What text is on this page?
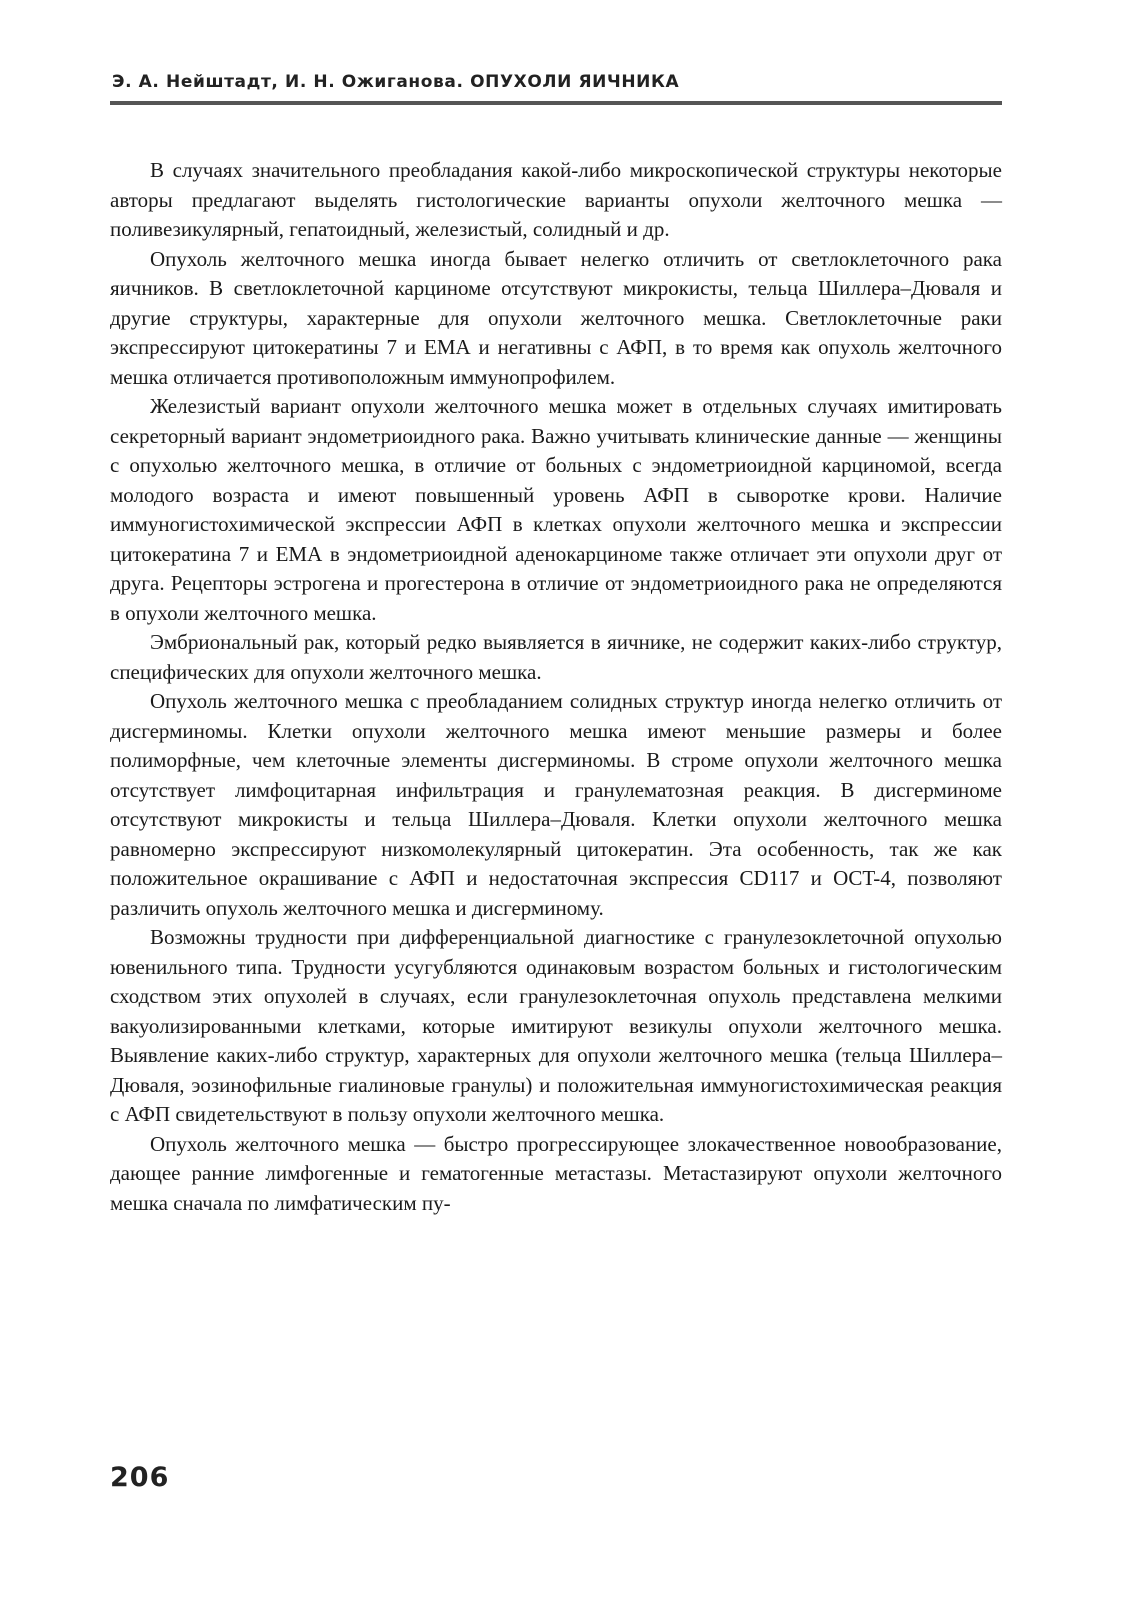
Э. А. Нейштадт, И. Н. Ожиганова. ОПУХОЛИ ЯИЧНИКА

В случаях значительного преобладания какой-либо микроскопической структуры некоторые авторы предлагают выделять гистологические варианты опухоли желточного мешка — поливезикулярный, гепатоидный, железистый, солидный и др.

Опухоль желточного мешка иногда бывает нелегко отличить от светлоклеточного рака яичников. В светлоклеточной карциноме отсутствуют микрокисты, тельца Шиллера–Дюваля и другие структуры, характерные для опухоли желточного мешка. Светлоклеточные раки экспрессируют цитокератины 7 и ЕМА и негативны с АФП, в то время как опухоль желточного мешка отличается противоположным иммунопрофилем.

Железистый вариант опухоли желточного мешка может в отдельных случаях имитировать секреторный вариант эндометриоидного рака. Важно учитывать клинические данные — женщины с опухолью желточного мешка, в отличие от больных с эндометриоидной карциномой, всегда молодого возраста и имеют повышенный уровень АФП в сыворотке крови. Наличие иммуногистохимической экспрессии АФП в клетках опухоли желточного мешка и экспрессии цитокератина 7 и ЕМА в эндометриоидной аденокарциноме также отличает эти опухоли друг от друга. Рецепторы эстрогена и прогестерона в отличие от эндометриоидного рака не определяются в опухоли желточного мешка.

Эмбриональный рак, который редко выявляется в яичнике, не содержит каких-либо структур, специфических для опухоли желточного мешка.

Опухоль желточного мешка с преобладанием солидных структур иногда нелегко отличить от дисгерминомы. Клетки опухоли желточного мешка имеют меньшие размеры и более полиморфные, чем клеточные элементы дисгерминомы. В строме опухоли желточного мешка отсутствует лимфоцитарная инфильтрация и гранулематозная реакция. В дисгерминоме отсутствуют микрокисты и тельца Шиллера–Дюваля. Клетки опухоли желточного мешка равномерно экспрессируют низкомолекулярный цитокератин. Эта особенность, так же как положительное окрашивание с АФП и недостаточная экспрессия CD117 и OCT-4, позволяют различить опухоль желточного мешка и дисгерминому.

Возможны трудности при дифференциальной диагностике с гранулезоклеточной опухолью ювенильного типа. Трудности усугубляются одинаковым возрастом больных и гистологическим сходством этих опухолей в случаях, если гранулезоклеточная опухоль представлена мелкими вакуолизированными клетками, которые имитируют везикулы опухоли желточного мешка. Выявление каких-либо структур, характерных для опухоли желточного мешка (тельца Шиллера–Дюваля, эозинофильные гиалиновые гранулы) и положительная иммуногистохимическая реакция с АФП свидетельствуют в пользу опухоли желточного мешка.

Опухоль желточного мешка — быстро прогрессирующее злокачественное новообразование, дающее ранние лимфогенные и гематогенные метастазы. Метастазируют опухоли желточного мешка сначала по лимфатическим пу-

206
